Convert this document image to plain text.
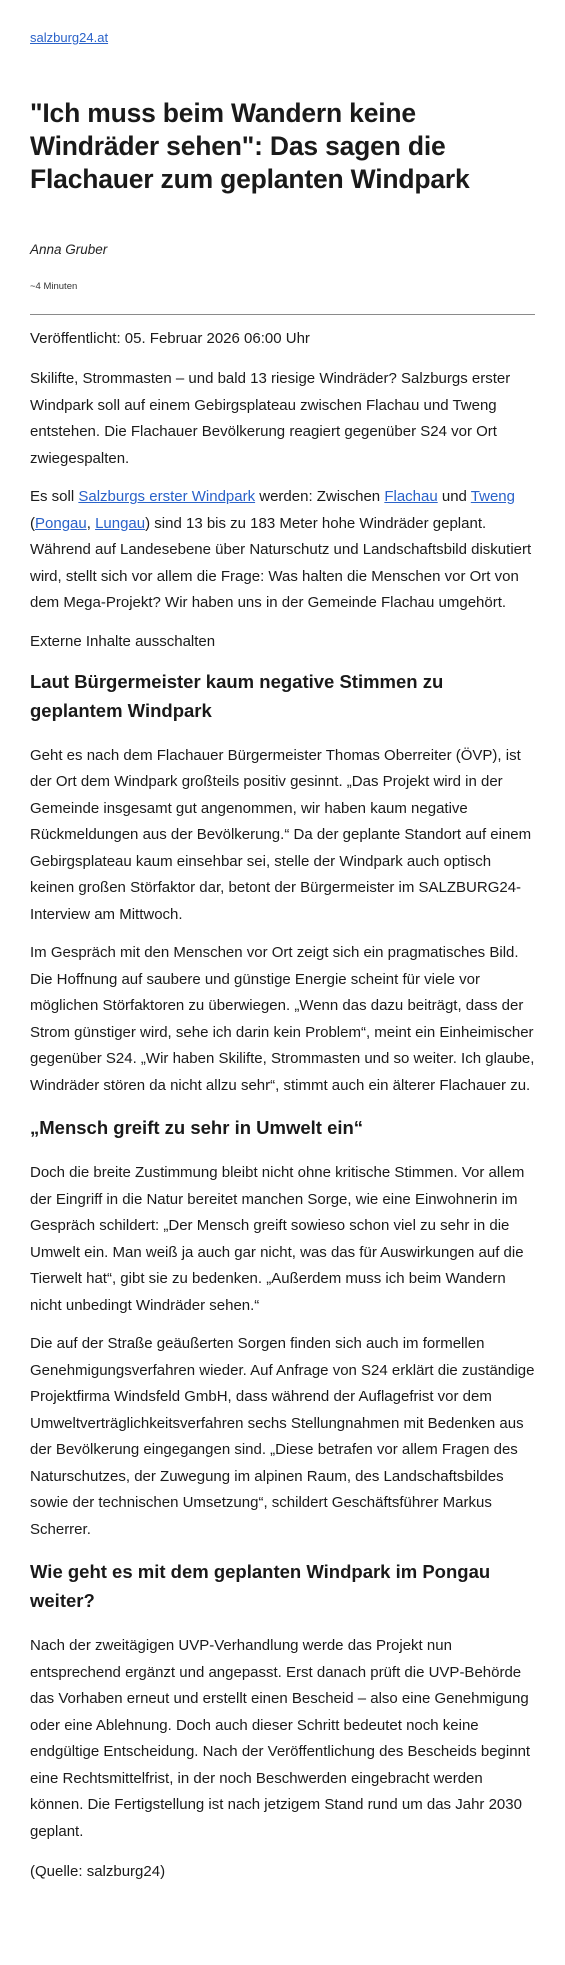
salzburg24.at
"Ich muss beim Wandern keine Windräder sehen": Das sagen die Flachauer zum geplanten Windpark
Anna Gruber
~4 Minuten
Veröffentlicht: 05. Februar 2026 06:00 Uhr

Skilifte, Strommasten – und bald 13 riesige Windräder? Salzburgs erster Windpark soll auf einem Gebirgsplateau zwischen Flachau und Tweng entstehen. Die Flachauer Bevölkerung reagiert gegenüber S24 vor Ort zwiegespalten.

Es soll Salzburgs erster Windpark werden: Zwischen Flachau und Tweng (Pongau, Lungau) sind 13 bis zu 183 Meter hohe Windräder geplant. Während auf Landesebene über Naturschutz und Landschaftsbild diskutiert wird, stellt sich vor allem die Frage: Was halten die Menschen vor Ort von dem Mega-Projekt? Wir haben uns in der Gemeinde Flachau umgehört.

Externe Inhalte ausschalten
Laut Bürgermeister kaum negative Stimmen zu geplantem Windpark

Geht es nach dem Flachauer Bürgermeister Thomas Oberreiter (ÖVP), ist der Ort dem Windpark großteils positiv gesinnt. „Das Projekt wird in der Gemeinde insgesamt gut angenommen, wir haben kaum negative Rückmeldungen aus der Bevölkerung.“ Da der geplante Standort auf einem Gebirgsplateau kaum einsehbar sei, stelle der Windpark auch optisch keinen großen Störfaktor dar, betont der Bürgermeister im SALZBURG24-Interview am Mittwoch.

Im Gespräch mit den Menschen vor Ort zeigt sich ein pragmatisches Bild. Die Hoffnung auf saubere und günstige Energie scheint für viele vor möglichen Störfaktoren zu überwiegen. „Wenn das dazu beiträgt, dass der Strom günstiger wird, sehe ich darin kein Problem“, meint ein Einheimischer gegenüber S24. „Wir haben Skilifte, Strommasten und so weiter. Ich glaube, Windräder stören da nicht allzu sehr“, stimmt auch ein älterer Flachauer zu.

„Mensch greift zu sehr in Umwelt ein“

Doch die breite Zustimmung bleibt nicht ohne kritische Stimmen. Vor allem der Eingriff in die Natur bereitet manchen Sorge, wie eine Einwohnerin im Gespräch schildert: „Der Mensch greift sowieso schon viel zu sehr in die Umwelt ein. Man weiß ja auch gar nicht, was das für Auswirkungen auf die Tierwelt hat“, gibt sie zu bedenken. „Außerdem muss ich beim Wandern nicht unbedingt Windräder sehen.“

Die auf der Straße geäußerten Sorgen finden sich auch im formellen Genehmigungsverfahren wieder. Auf Anfrage von S24 erklärt die zuständige Projektfirma Windsfeld GmbH, dass während der Auflagefrist vor dem Umweltverträglichkeitsverfahren sechs Stellungnahmen mit Bedenken aus der Bevölkerung eingegangen sind. „Diese betrafen vor allem Fragen des Naturschutzes, der Zuwegung im alpinen Raum, des Landschaftsbildes sowie der technischen Umsetzung“, schildert Geschäftsführer Markus Scherrer.

Wie geht es mit dem geplanten Windpark im Pongau weiter?

Nach der zweitägigen UVP-Verhandlung werde das Projekt nun entsprechend ergänzt und angepasst. Erst danach prüft die UVP-Behörde das Vorhaben erneut und erstellt einen Bescheid – also eine Genehmigung oder eine Ablehnung. Doch auch dieser Schritt bedeutet noch keine endgültige Entscheidung. Nach der Veröffentlichung des Bescheids beginnt eine Rechtsmittelfrist, in der noch Beschwerden eingebracht werden können. Die Fertigstellung ist nach jetzigem Stand rund um das Jahr 2030 geplant.

(Quelle: salzburg24)
